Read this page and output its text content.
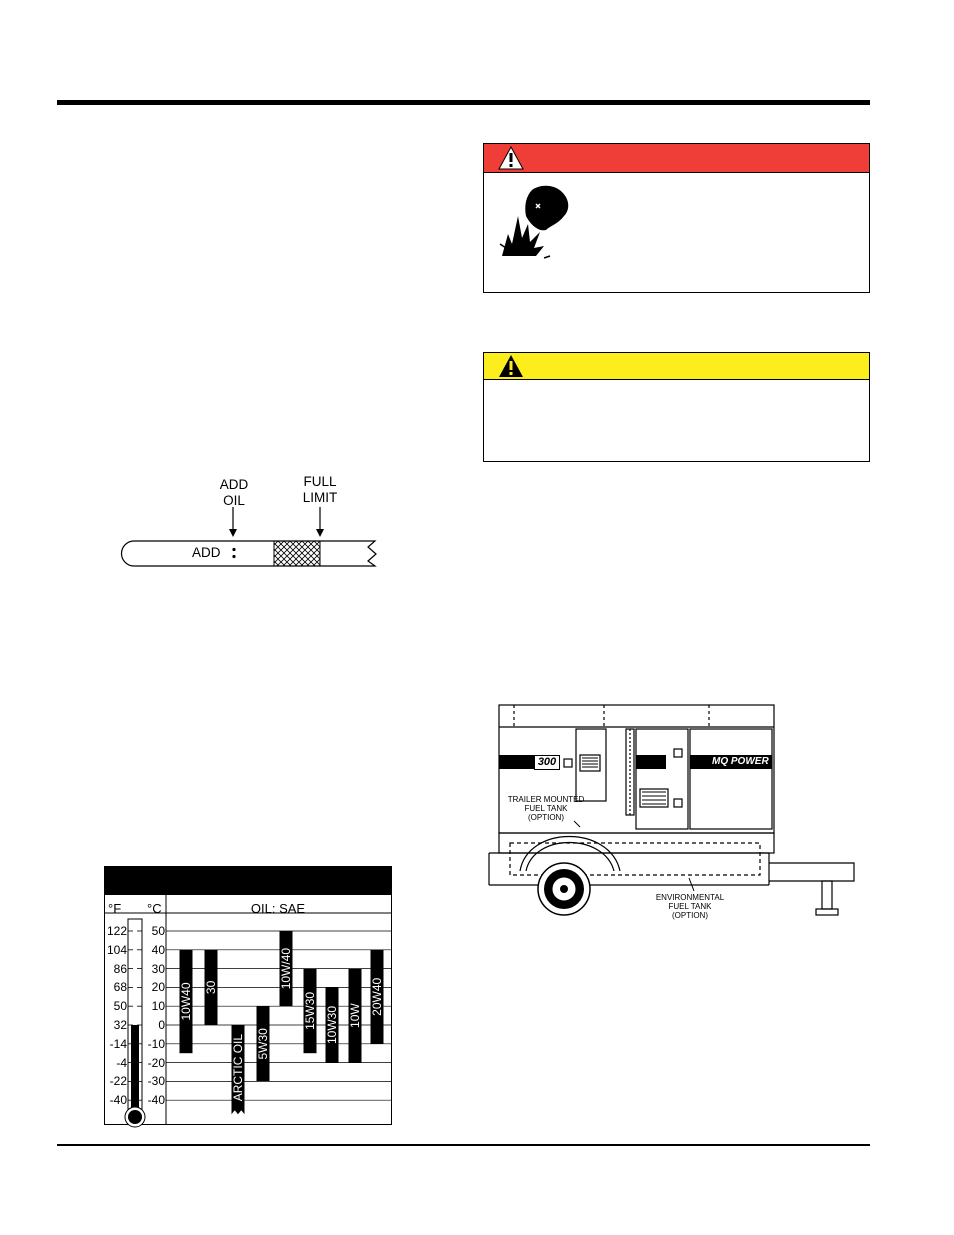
ADD
OIL
FULL
LIMIT
ADD
°F °C	OIL: SAE
122
104
86
68
50
32
-14
-4
-22
-40
50
40
30
20
10
0
-10
-20
-30
-40
10W40 30
ARCTIC OIL 5W30
10W/40
15W30 10W30 10W 20W40
300	MQ POWER
TRAILER MOUNTED
FUEL TANK
(OPTION)
ENVIRONMENTAL
FUEL TANK
(OPTION)
